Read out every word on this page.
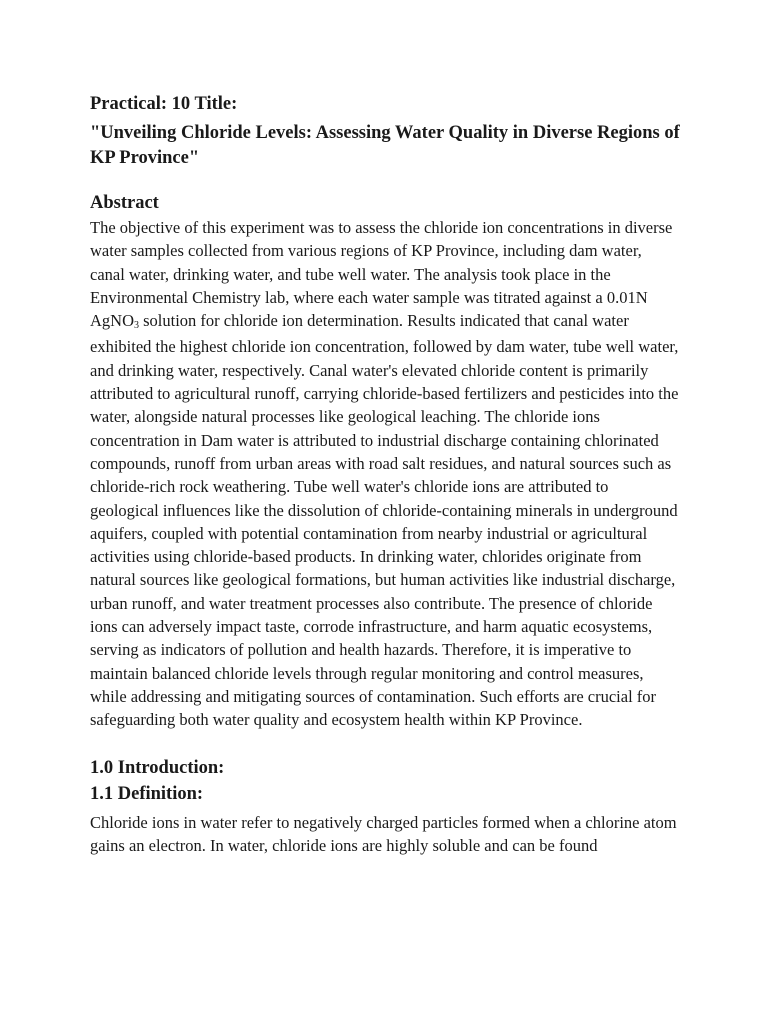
Practical: 10 Title:

"Unveiling Chloride Levels: Assessing Water Quality in Diverse Regions of KP Province"

Abstract

The objective of this experiment was to assess the chloride ion concentrations in diverse water samples collected from various regions of KP Province, including dam water, canal water, drinking water, and tube well water. The analysis took place in the Environmental Chemistry lab, where each water sample was titrated against a 0.01N AgNO$_3$ solution for chloride ion determination. Results indicated that canal water exhibited the highest chloride ion concentration, followed by dam water, tube well water, and drinking water, respectively. Canal water's elevated chloride content is primarily attributed to agricultural runoff, carrying chloride-based fertilizers and pesticides into the water, alongside natural processes like geological leaching. The chloride ions concentration in Dam water is attributed to industrial discharge containing chlorinated compounds, runoff from urban areas with road salt residues, and natural sources such as chloride-rich rock weathering. Tube well water's chloride ions are attributed to geological influences like the dissolution of chloride-containing minerals in underground aquifers, coupled with potential contamination from nearby industrial or agricultural activities using chloride-based products. In drinking water, chlorides originate from natural sources like geological formations, but human activities like industrial discharge, urban runoff, and water treatment processes also contribute. The presence of chloride ions can adversely impact taste, corrode infrastructure, and harm aquatic ecosystems, serving as indicators of pollution and health hazards. Therefore, it is imperative to maintain balanced chloride levels through regular monitoring and control measures, while addressing and mitigating sources of contamination. Such efforts are crucial for safeguarding both water quality and ecosystem health within KP Province.

1.0 Introduction:

1.1 Definition:

Chloride ions in water refer to negatively charged particles formed when a chlorine atom gains an electron. In water, chloride ions are highly soluble and can be found
